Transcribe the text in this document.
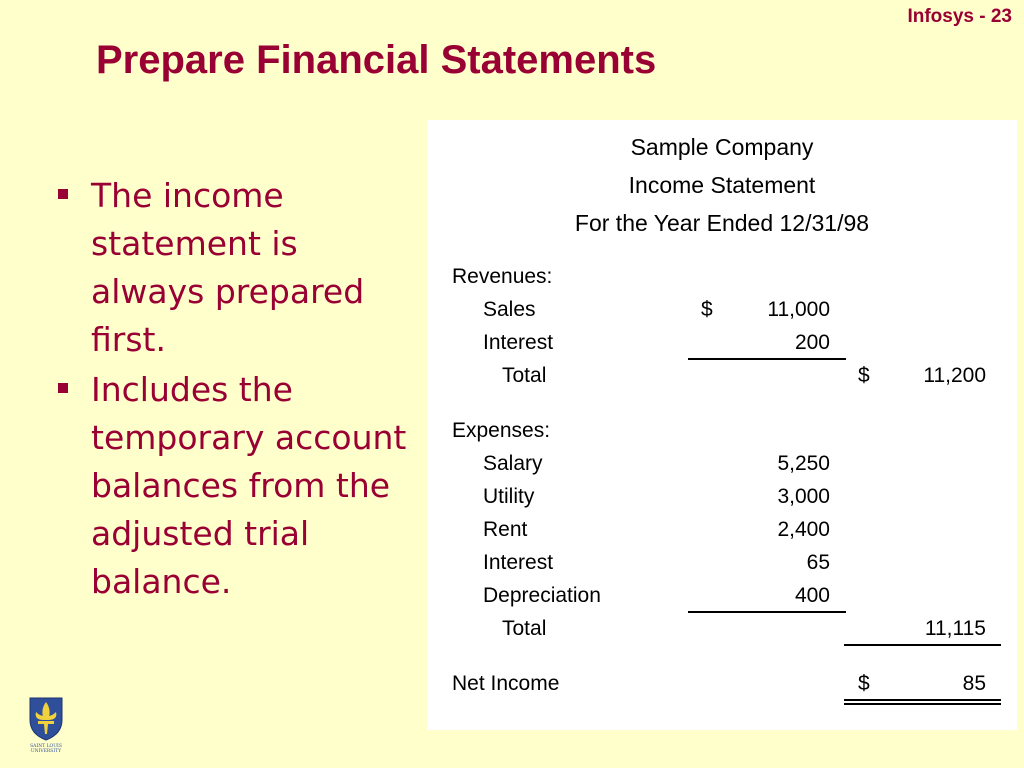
Infosys - 23
Prepare Financial Statements
The income statement is always prepared first.
Includes the temporary account balances from the adjusted trial balance.
Sample Company
Income Statement
For the Year Ended 12/31/98
Revenues:
Sales	$	11,000
Interest	200
Total	$	11,200
Expenses:
Salary	5,250
Utility	3,000
Rent	2,400
Interest	65
Depreciation	400
Total	11,115
Net Income	$	85
SAINT LOUIS
UNIVERSITY
